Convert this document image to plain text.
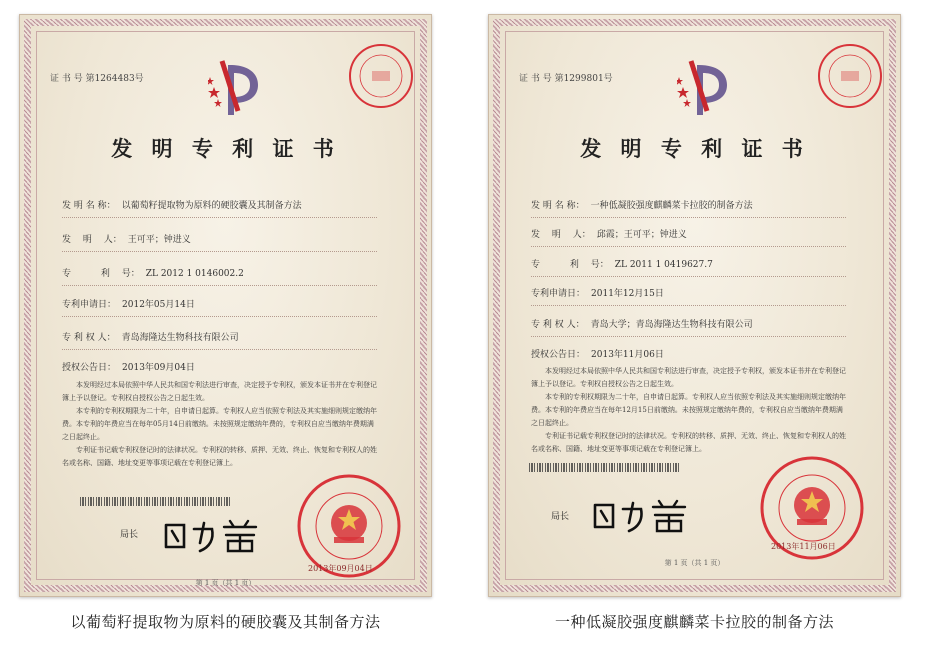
证 书 号 第1264483号
发 明 专 利 证 书
发 明 名 称： 以葡萄籽提取物为原料的硬胶囊及其制备方法
发　 明　 人： 王可平；钟进义
专　　　 利　 号： ZL 2012 1 0146002.2
专利申请日： 2012年05月14日
专 利 权 人： 青岛海隆达生物科技有限公司
授权公告日： 2013年09月04日

本发明经过本局依照中华人民共和国专利法进行审查，决定授予专利权，颁发本证书并在专利登记簿上予以登记。专利权自授权公告之日起生效。

本专利的专利权期限为二十年，自申请日起算。专利权人应当依照专利法及其实施细则规定缴纳年费。本专利的年费应当在每年05月14日前缴纳。未按照规定缴纳年费的，专利权自应当缴纳年费期满之日起终止。

专利证书记载专利权登记时的法律状况。专利权的转移、质押、无效、终止、恢复和专利权人的姓名或名称、国籍、地址变更等事项记载在专利登记簿上。

局长
2013年09月04日
第 1 页（共 1 页）
证 书 号 第1299801号
发 明 专 利 证 书
发 明 名 称： 一种低凝胶强度麒麟菜卡拉胶的制备方法
发　 明　 人： 邱霞；王可平；钟进义
专　　　 利　 号： ZL 2011 1 0419627.7
专利申请日： 2011年12月15日
专 利 权 人： 青岛大学；青岛海隆达生物科技有限公司
授权公告日： 2013年11月06日

本发明经过本局依照中华人民共和国专利法进行审查，决定授予专利权，颁发本证书并在专利登记簿上予以登记。专利权自授权公告之日起生效。

本专利的专利权期限为二十年，自申请日起算。专利权人应当依照专利法及其实施细则规定缴纳年费。本专利的年费应当在每年12月15日前缴纳。未按照规定缴纳年费的，专利权自应当缴纳年费期满之日起终止。

专利证书记载专利权登记时的法律状况。专利权的转移、质押、无效、终止、恢复和专利权人的姓名或名称、国籍、地址变更等事项记载在专利登记簿上。

局长
2013年11月06日
第 1 页（共 1 页）
以葡萄籽提取物为原料的硬胶囊及其制备方法	一种低凝胶强度麒麟菜卡拉胶的制备方法
